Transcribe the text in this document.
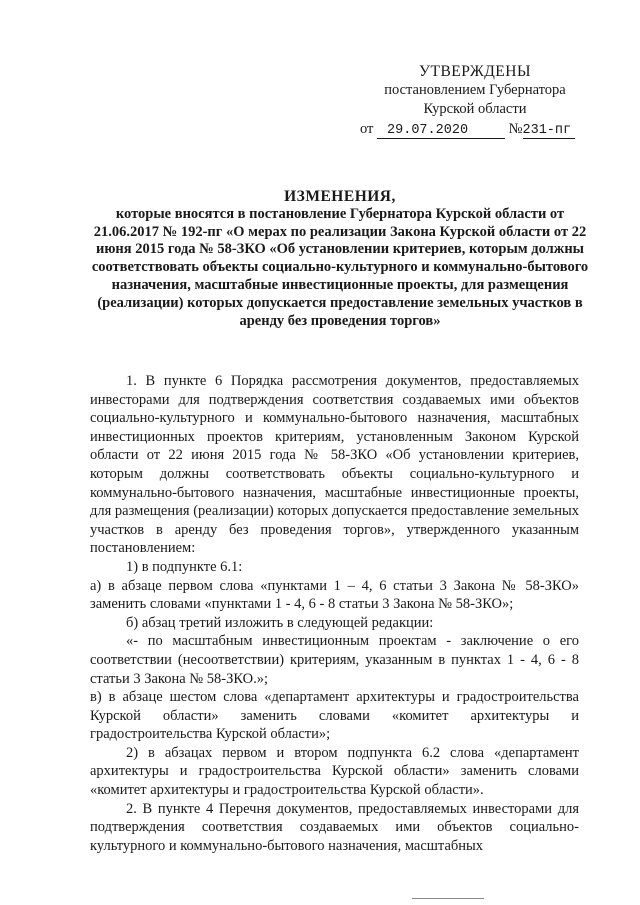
УТВЕРЖДЕНЫ
постановлением Губернатора
Курской области
от 29.07.2020	№231-пг
ИЗМЕНЕНИЯ,
которые вносятся в постановление Губернатора Курской области от 21.06.2017 № 192-пг «О мерах по реализации Закона Курской области от 22 июня 2015 года № 58-ЗКО «Об установлении критериев, которым должны соответствовать объекты социально-культурного и коммунально-бытового назначения, масштабные инвестиционные проекты, для размещения (реализации) которых допускается предоставление земельных участков в аренду без проведения торгов»

1. В пункте 6 Порядка рассмотрения документов, предоставляемых инвесторами для подтверждения соответствия создаваемых ими объектов социально-культурного и коммунально-бытового назначения, масштабных инвестиционных проектов критериям, установленным Законом Курской области от 22 июня 2015 года № 58-ЗКО «Об установлении критериев, которым должны соответствовать объекты социально-культурного и коммунально-бытового назначения, масштабные инвестиционные проекты, для размещения (реализации) которых допускается предоставление земельных участков в аренду без проведения торгов», утвержденного указанным постановлением:

1) в подпункте 6.1:

а) в абзаце первом слова «пунктами 1 – 4, 6 статьи 3 Закона № 58-ЗКО» заменить словами «пунктами 1 - 4, 6 - 8 статьи 3 Закона № 58-ЗКО»;

б) абзац третий изложить в следующей редакции:

«- по масштабным инвестиционным проектам - заключение о его соответствии (несоответствии) критериям, указанным в пунктах 1 - 4, 6 - 8 статьи 3 Закона № 58-ЗКО.»;

в) в абзаце шестом слова «департамент архитектуры и градостроительства Курской области» заменить словами «комитет архитектуры и градостроительства Курской области»;

2) в абзацах первом и втором подпункта 6.2 слова «департамент архитектуры и градостроительства Курской области» заменить словами «комитет архитектуры и градостроительства Курской области».

2. В пункте 4 Перечня документов, предоставляемых инвесторами для подтверждения соответствия создаваемых ими объектов социально-культурного и коммунально-бытового назначения, масштабных
